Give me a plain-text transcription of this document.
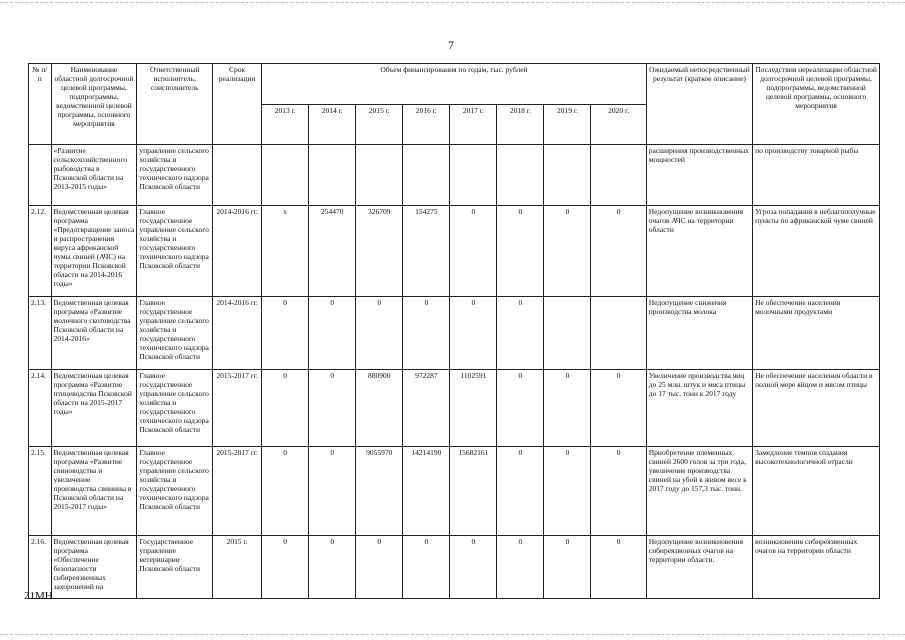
7
№ п/п	Наименование областной долгосрочной целевой программы, подпрограммы, ведомственной целевой программы, основного мероприятия	Ответственный исполнитель, соисполнитель	Срок реализации	Объем финансирования по годам, тыс. рублей								Ожидаемый непосредственный результат (краткое описание)	Последствия нереализации областной долгосрочной целевой программы, подпрограммы, ведомственной целевой программы, основного мероприятия
				2013 г.	2014 г.	2015 г.	2016 г.	2017 г.	2018 г.	2019 г.	2020 г.		
	«Развитие сельскохозяйственного рыбоводства в Псковской области на 2013-2015 годы»	управление сельского хозяйства и государственного технического надзора Псковской области										расширения производственных мощностей	по производству товарной рыбы
2.12.	Ведомственная целевая программа «Предотвращение заноса и распространения вируса африканской чумы свиней (АЧС) на территории Псковской области на 2014-2016 годы»	Главное государственное управление сельского хозяйства и государственного технического надзора Псковской области	2014-2016 гг.	x	254470	326709	154275	0	0	0	0	Недопущение возникновения очагов АЧС на территории области	Угроза попадания в неблагополучные пункты по африканской чуме свиней
2.13.	Ведомственная целевая программа «Развитие молочного скотоводства Псковской области на 2014-2016»	Главное государственное управление сельского хозяйства и государственного технического надзора Псковской области	2014-2016 гг.	0	0	0	0	0	0			Недопущение снижения производства молока	Не обеспечение населения молочными продуктами
2.14.	Ведомственная целевая программа «Развитие птицеводства Псковской области на 2015-2017 годы»	Главное государственное управление сельского хозяйства и государственного технического надзора Псковской области	2015-2017 гг.	0	0	880900	972287	1102591	0	0	0	Увеличение производства яиц до 25 млн. штук и мяса птицы до 17 тыс. тонн к 2017 году	Не обеспечение населения области в полной мере яйцом и мясом птицы
2.15.	Ведомственная целевая программа «Развитие свиноводства и увеличение производства свинины в Псковской области на 2015-2017 годы»	Главное государственное управление сельского хозяйства и государственного технического надзора Псковской области	2015-2017 гг.	0	0	9055970	14214190	15682161	0	0	0	Приобретение племенных свиней 2600 голов за три года, увеличение производства свиней на убой в живом весе к 2017 году до 157,3 тыс. тонн.	Замедление темпов создания высокотехнологичной отрасли
2.16.	Ведомственная целевая программа «Обеспечение безопасности сибиреязвенных захоронений на	Государственное управление ветеринарии Псковской области	2015 г.	0	0	0	0	0	0	0	0	Недопущение возникновения сибиреязвенных очагов на территории области.	возникновения сибиреязвенных очагов на территории области
21МН
